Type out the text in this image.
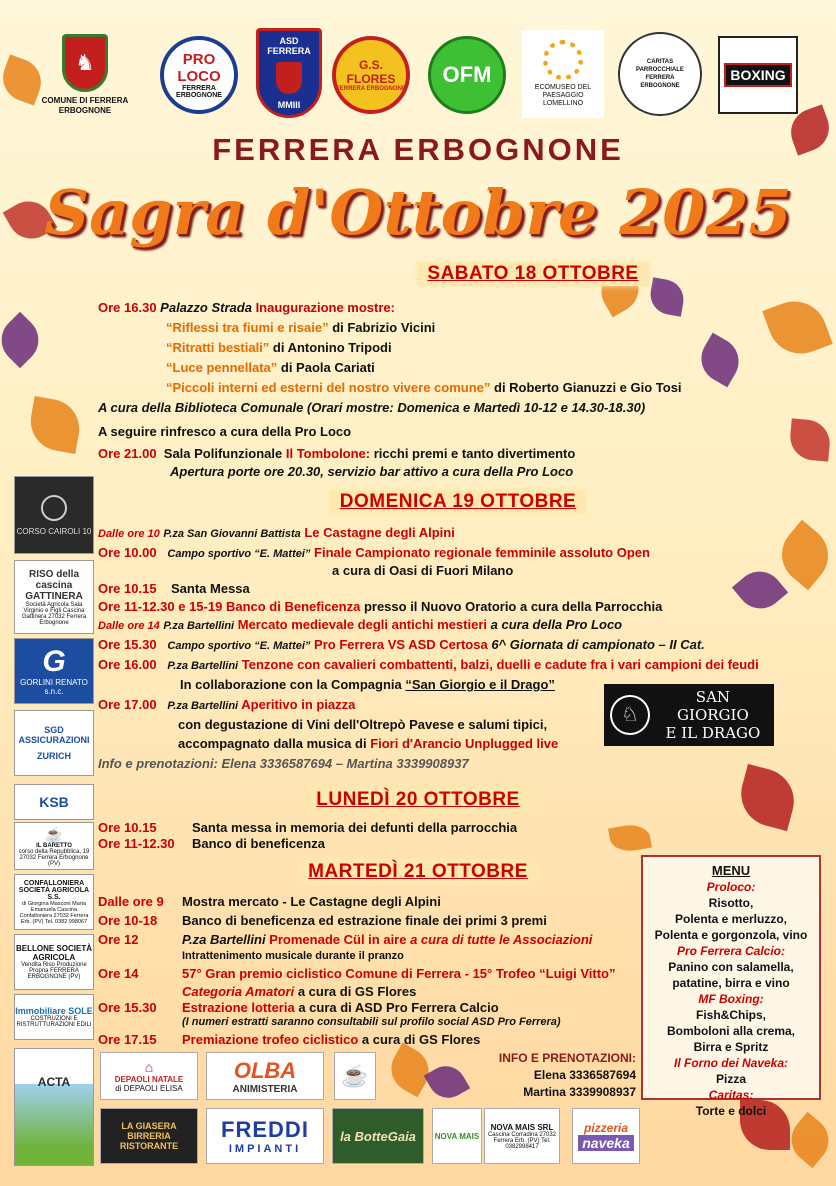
♞
COMUNE DI FERRERA ERBOGNONE
PRO LOCO
FERRERA ERBOGNONE
ASD FERRERA
MMIII
G.S. FLORES
FERRERA ERBOGNONE
OFM
ECOMUSEO DEL PAESAGGIO LOMELLINO
CARITAS PARROCCHIALE FERRERA ERBOGNONE
BOXING
FERRERA ERBOGNONE
Sagra d'Ottobre 2025
SABATO 18 OTTOBRE
Ore 16.30 Palazzo Strada Inaugurazione mostre:
“Riflessi tra fiumi e risaie” di Fabrizio Vicini
“Ritratti bestiali” di Antonino Tripodi
“Luce pennellata” di Paola Cariati
“Piccoli interni ed esterni del nostro vivere comune” di Roberto Gianuzzi e Gio Tosi
A cura della Biblioteca Comunale (Orari mostre: Domenica e Martedì 10-12 e 14.30-18.30)
A seguire rinfresco a cura della Pro Loco
Ore 21.00 Sala Polifunzionale Il Tombolone: ricchi premi e tanto divertimento
Apertura porte ore 20.30, servizio bar attivo a cura della Pro Loco
DOMENICA 19 OTTOBRE
Dalle ore 10 P.za San Giovanni Battista Le Castagne degli Alpini
Ore 10.00 Campo sportivo “E. Mattei” Finale Campionato regionale femminile assoluto Open
a cura di Oasi di Fuori Milano
Ore 10.15 Santa Messa
Ore 11-12.30 e 15-19 Banco di Beneficenza presso il Nuovo Oratorio a cura della Parrocchia
Dalle ore 14 P.za Bartellini Mercato medievale degli antichi mestieri a cura della Pro Loco
Ore 15.30 Campo sportivo “E. Mattei” Pro Ferrera VS ASD Certosa 6^ Giornata di campionato – II Cat.
Ore 16.00 P.za Bartellini Tenzone con cavalieri combattenti, balzi, duelli e cadute fra i vari campioni dei feudi
In collaborazione con la Compagnia “San Giorgio e il Drago”
Ore 17.00 P.za Bartellini Aperitivo in piazza
con degustazione di Vini dell'Oltrepò Pavese e salumi tipici,
accompagnato dalla musica di Fiori d'Arancio Unplugged live
Info e prenotazioni: Elena 3336587694 – Martina 3339908937
♘
SAN GIORGIO
E IL DRAGO
LUNEDÌ 20 OTTOBRE
Ore 10.15	Santa messa in memoria dei defunti della parrocchia
Ore 11-12.30 Banco di beneficenza
MARTEDÌ 21 OTTOBRE
Dalle ore 9 Mostra mercato - Le Castagne degli Alpini
Ore 10-18 Banco di beneficenza ed estrazione finale dei primi 3 premi
Ore 12	P.za Bartellini Promenade Cül in aire a cura di tutte le Associazioni
Intrattenimento musicale durante il pranzo
Ore 14	57° Gran premio ciclistico Comune di Ferrera - 15° Trofeo “Luigi Vitto”
Categoria Amatori a cura di GS Flores
Ore 15.30 Estrazione lotteria a cura di ASD Pro Ferrera Calcio
(I numeri estratti saranno consultabili sul profilo social ASD Pro Ferrera)
Ore 17.15 Premiazione trofeo ciclistico a cura di GS Flores
INFO E PRENOTAZIONI:
Elena 3336587694
Martina 3339908937
MENU
Proloco:
Risotto,
Polenta e merluzzo,
Polenta e gorgonzola, vino
Pro Ferrera Calcio:
Panino con salamella,
patatine, birra e vino
MF Boxing:
Fish&Chips,
Bomboloni alla crema,
Birra e Spritz
Il Forno dei Naveka:
Pizza
Caritas:
Torte e dolci
CORSO CAIROLI 10
RISO della cascina GATTINERA
Società Agricola Sala Virginio e Figli Cascina Gattinera 27032 Ferrera Erbognone
G
GORLINI RENATO s.n.c.
SGD ASSICURAZIONI
ZURICH
KSB
☕
IL BARETTO
corso della Repubblica, 19 27032 Ferrera Erbognone (PV)
CONFALLONIERA SOCIETÀ AGRICOLA S.S.
di Giorgina Masconi Maria Emanuela Cascina Confalloniera 27032 Ferrera Erb. (PV) Tel. 0382 998067
BELLONE SOCIETÀ AGRICOLA
Vendita Riso Produzione Propria FERRERA ERBOGNONE (PV)
Immobiliare SOLE
COSTRUZIONI E RISTRUTTURAZIONI EDILI
ACTA
⌂
DEPAOLI NATALE
di DEPAOLI ELISA
OLBA
ANIMISTERIA
☕
LA GIASERA BIRRERIA RISTORANTE
FREDDI
IMPIANTI
la BotteGaia NOVA MAIS
NOVA MAIS SRL
Cascina Corradina 27032 Ferrera Erb. (PV) Tel. 0382998417
pizzeria
naveka
